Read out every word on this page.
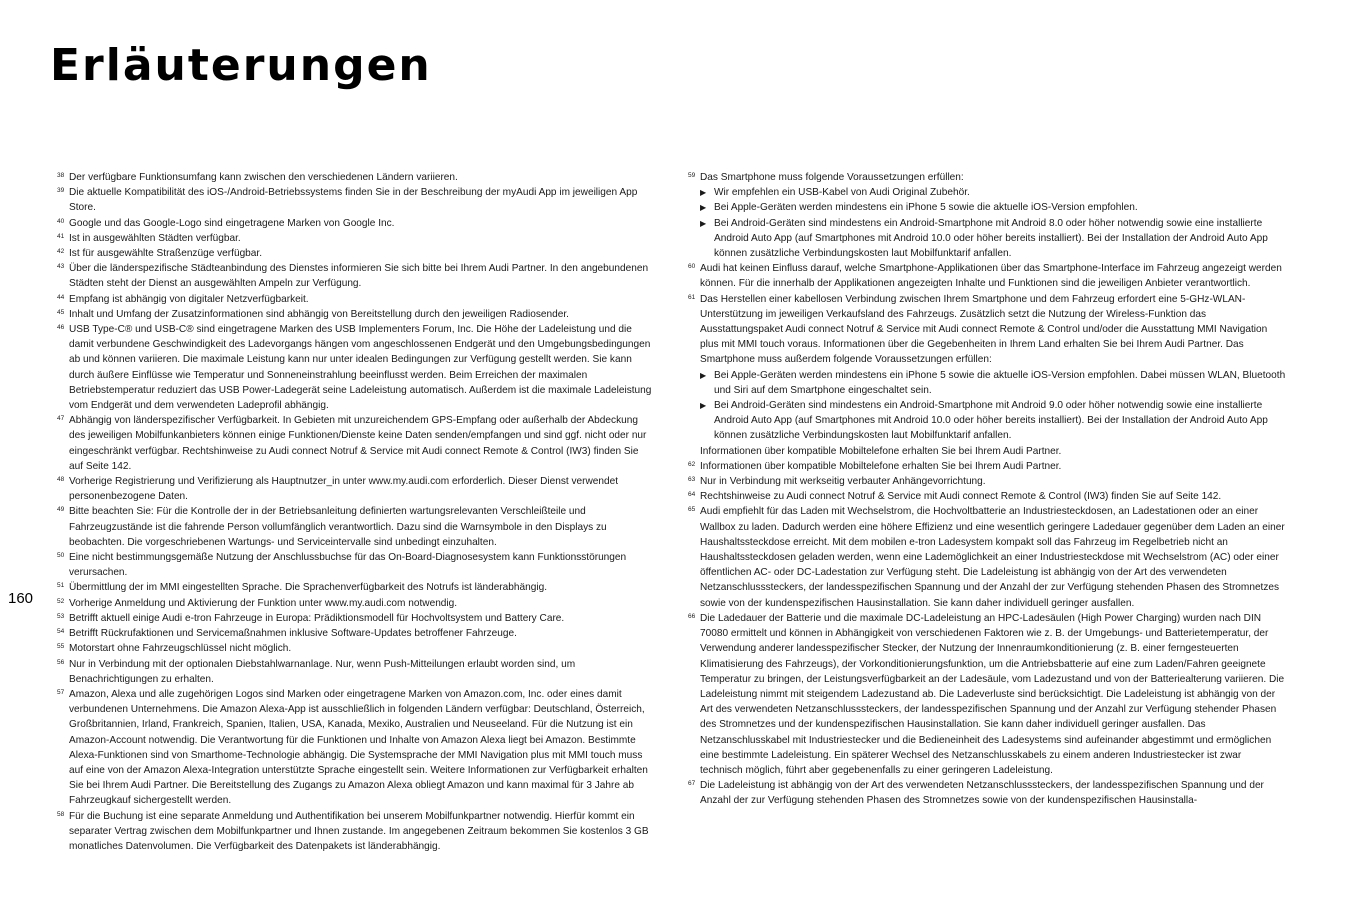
Erläuterungen
160
38 Der verfügbare Funktionsumfang kann zwischen den verschiedenen Ländern variieren.
39 Die aktuelle Kompatibilität des iOS-/Android-Betriebssystems finden Sie in der Beschreibung der myAudi App im jeweiligen App Store.
40 Google und das Google-Logo sind eingetragene Marken von Google Inc.
41 Ist in ausgewählten Städten verfügbar.
42 Ist für ausgewählte Straßenzüge verfügbar.
43 Über die länderspezifische Städteanbindung des Dienstes informieren Sie sich bitte bei Ihrem Audi Partner. In den angebundenen Städten steht der Dienst an ausgewählten Ampeln zur Verfügung.
44 Empfang ist abhängig von digitaler Netzverfügbarkeit.
45 Inhalt und Umfang der Zusatzinformationen sind abhängig von Bereitstellung durch den jeweiligen Radiosender.
46 USB Type-C® und USB-C® sind eingetragene Marken des USB Implementers Forum, Inc. Die Höhe der Ladeleistung und die damit verbundene Geschwindigkeit des Ladevorgangs hängen vom angeschlossenen Endgerät und den Umgebungsbedingungen ab und können variieren. Die maximale Leistung kann nur unter idealen Bedingungen zur Verfügung gestellt werden. Sie kann durch äußere Einflüsse wie Temperatur und Sonneneinstrahlung beeinflusst werden. Beim Erreichen der maximalen Betriebstemperatur reduziert das USB Power-Ladegerät seine Ladeleistung automatisch. Außerdem ist die maximale Ladeleistung vom Endgerät und dem verwendeten Ladeprofil abhängig.
47 Abhängig von länderspezifischer Verfügbarkeit. In Gebieten mit unzureichendem GPS-Empfang oder außerhalb der Abdeckung des jeweiligen Mobilfunkanbieters können einige Funktionen/Dienste keine Daten senden/empfangen und sind ggf. nicht oder nur eingeschränkt verfügbar. Rechtshinweise zu Audi connect Notruf & Service mit Audi connect Remote & Control (IW3) finden Sie auf Seite 142.
48 Vorherige Registrierung und Verifizierung als Hauptnutzer_in unter www.my.audi.com erforderlich. Dieser Dienst verwendet personenbezogene Daten.
49 Bitte beachten Sie: Für die Kontrolle der in der Betriebsanleitung definierten wartungsrelevanten Verschleißteile und Fahrzeugzustände ist die fahrende Person vollumfänglich verantwortlich. Dazu sind die Warnsymbole in den Displays zu beobachten. Die vorgeschriebenen Wartungs- und Serviceintervalle sind unbedingt einzuhalten.
50 Eine nicht bestimmungsgemäße Nutzung der Anschlussbuchse für das On-Board-Diagnosesystem kann Funktionsstörungen verursachen.
51 Übermittlung der im MMI eingestellten Sprache. Die Sprachenverfügbarkeit des Notrufs ist länderabhängig.
52 Vorherige Anmeldung und Aktivierung der Funktion unter www.my.audi.com notwendig.
53 Betrifft aktuell einige Audi e-tron Fahrzeuge in Europa: Prädiktionsmodell für Hochvoltsystem und Battery Care.
54 Betrifft Rückrufaktionen und Servicemaßnahmen inklusive Software-Updates betroffener Fahrzeuge.
55 Motorstart ohne Fahrzeugschlüssel nicht möglich.
56 Nur in Verbindung mit der optionalen Diebstahlwarnanlage. Nur, wenn Push-Mitteilungen erlaubt worden sind, um Benachrichtigungen zu erhalten.
57 Amazon, Alexa und alle zugehörigen Logos sind Marken oder eingetragene Marken von Amazon.com, Inc. oder eines damit verbundenen Unternehmens. Die Amazon Alexa-App ist ausschließlich in folgenden Ländern verfügbar: Deutschland, Österreich, Großbritannien, Irland, Frankreich, Spanien, Italien, USA, Kanada, Mexiko, Australien und Neuseeland. Für die Nutzung ist ein Amazon-Account notwendig. Die Verantwortung für die Funktionen und Inhalte von Amazon Alexa liegt bei Amazon. Bestimmte Alexa-Funktionen sind von Smarthome-Technologie abhängig. Die Systemsprache der MMI Navigation plus mit MMI touch muss auf eine von der Amazon Alexa-Integration unterstützte Sprache eingestellt sein. Weitere Informationen zur Verfügbarkeit erhalten Sie bei Ihrem Audi Partner. Die Bereitstellung des Zugangs zu Amazon Alexa obliegt Amazon und kann maximal für 3 Jahre ab Fahrzeugkauf sichergestellt werden.
58 Für die Buchung ist eine separate Anmeldung und Authentifikation bei unserem Mobilfunkpartner notwendig. Hierfür kommt ein separater Vertrag zwischen dem Mobilfunkpartner und Ihnen zustande. Im angegebenen Zeitraum bekommen Sie kostenlos 3 GB monatliches Datenvolumen. Die Verfügbarkeit des Datenpakets ist länderabhängig.
59 Das Smartphone muss folgende Voraussetzungen erfüllen:
▶ Wir empfehlen ein USB-Kabel von Audi Original Zubehör.
▶ Bei Apple-Geräten werden mindestens ein iPhone 5 sowie die aktuelle iOS-Version empfohlen.
▶ Bei Android-Geräten sind mindestens ein Android-Smartphone mit Android 8.0 oder höher notwendig sowie eine installierte Android Auto App (auf Smartphones mit Android 10.0 oder höher bereits installiert). Bei der Installation der Android Auto App können zusätzliche Verbindungskosten laut Mobilfunktarif anfallen.
60 Audi hat keinen Einfluss darauf, welche Smartphone-Applikationen über das Smartphone-Interface im Fahrzeug angezeigt werden können. Für die innerhalb der Applikationen angezeigten Inhalte und Funktionen sind die jeweiligen Anbieter verantwortlich.
61 Das Herstellen einer kabellosen Verbindung zwischen Ihrem Smartphone und dem Fahrzeug erfordert eine 5-GHz-WLAN-Unterstützung im jeweiligen Verkaufsland des Fahrzeugs. Zusätzlich setzt die Nutzung der Wireless-Funktion das Ausstattungspaket Audi connect Notruf & Service mit Audi connect Remote & Control und/oder die Ausstattung MMI Navigation plus mit MMI touch voraus. Informationen über die Gegebenheiten in Ihrem Land erhalten Sie bei Ihrem Audi Partner. Das Smartphone muss außerdem folgende Voraussetzungen erfüllen:
▶ Bei Apple-Geräten werden mindestens ein iPhone 5 sowie die aktuelle iOS-Version empfohlen. Dabei müssen WLAN, Bluetooth und Siri auf dem Smartphone eingeschaltet sein.
▶ Bei Android-Geräten sind mindestens ein Android-Smartphone mit Android 9.0 oder höher notwendig sowie eine installierte Android Auto App (auf Smartphones mit Android 10.0 oder höher bereits installiert). Bei der Installation der Android Auto App können zusätzliche Verbindungskosten laut Mobilfunktarif anfallen.
Informationen über kompatible Mobiltelefone erhalten Sie bei Ihrem Audi Partner.
62 Informationen über kompatible Mobiltelefone erhalten Sie bei Ihrem Audi Partner.
63 Nur in Verbindung mit werkseitig verbauter Anhängevorrichtung.
64 Rechtshinweise zu Audi connect Notruf & Service mit Audi connect Remote & Control (IW3) finden Sie auf Seite 142.
65 Audi empfiehlt für das Laden mit Wechselstrom, die Hochvoltbatterie an Industriesteckdosen, an Ladestationen oder an einer Wallbox zu laden. Dadurch werden eine höhere Effizienz und eine wesentlich geringere Ladedauer gegenüber dem Laden an einer Haushaltssteckdose erreicht. Mit dem mobilen e-tron Ladesystem kompakt soll das Fahrzeug im Regelbetrieb nicht an Haushaltssteckdosen geladen werden, wenn eine Lademöglichkeit an einer Industriesteckdose mit Wechselstrom (AC) oder einer öffentlichen AC- oder DC-Ladestation zur Verfügung steht. Die Ladeleistung ist abhängig von der Art des verwendeten Netzanschlusssteckers, der landesspezifischen Spannung und der Anzahl der zur Verfügung stehenden Phasen des Stromnetzes sowie von der kundenspezifischen Hausinstallation. Sie kann daher individuell geringer ausfallen.
66 Die Ladedauer der Batterie und die maximale DC-Ladeleistung an HPC-Ladesäulen (High Power Charging) wurden nach DIN 70080 ermittelt und können in Abhängigkeit von verschiedenen Faktoren wie z. B. der Umgebungs- und Batterietemperatur, der Verwendung anderer landesspezifischer Stecker, der Nutzung der Innenraumkonditionierung (z. B. einer ferngesteuerten Klimatisierung des Fahrzeugs), der Vorkonditionierungsfunktion, um die Antriebsbatterie auf eine zum Laden/Fahren geeignete Temperatur zu bringen, der Leistungsverfügbarkeit an der Ladesäule, vom Ladezustand und von der Batteriealterung variieren. Die Ladeleistung nimmt mit steigendem Ladezustand ab. Die Ladeverluste sind berücksichtigt. Die Ladeleistung ist abhängig von der Art des verwendeten Netzanschlusssteckers, der landesspezifischen Spannung und der Anzahl zur Verfügung stehender Phasen des Stromnetzes und der kundenspezifischen Hausinstallation. Sie kann daher individuell geringer ausfallen. Das Netzanschlusskabel mit Industriestecker und die Bedieneinheit des Ladesystems sind aufeinander abgestimmt und ermöglichen eine bestimmte Ladeleistung. Ein späterer Wechsel des Netzanschlusskabels zu einem anderen Industriestecker ist zwar technisch möglich, führt aber gegebenenfalls zu einer geringeren Ladeleistung.
67 Die Ladeleistung ist abhängig von der Art des verwendeten Netzanschlusssteckers, der landesspezifischen Spannung und der Anzahl der zur Verfügung stehenden Phasen des Stromnetzes sowie von der kundenspezifischen Hausinstalla-
